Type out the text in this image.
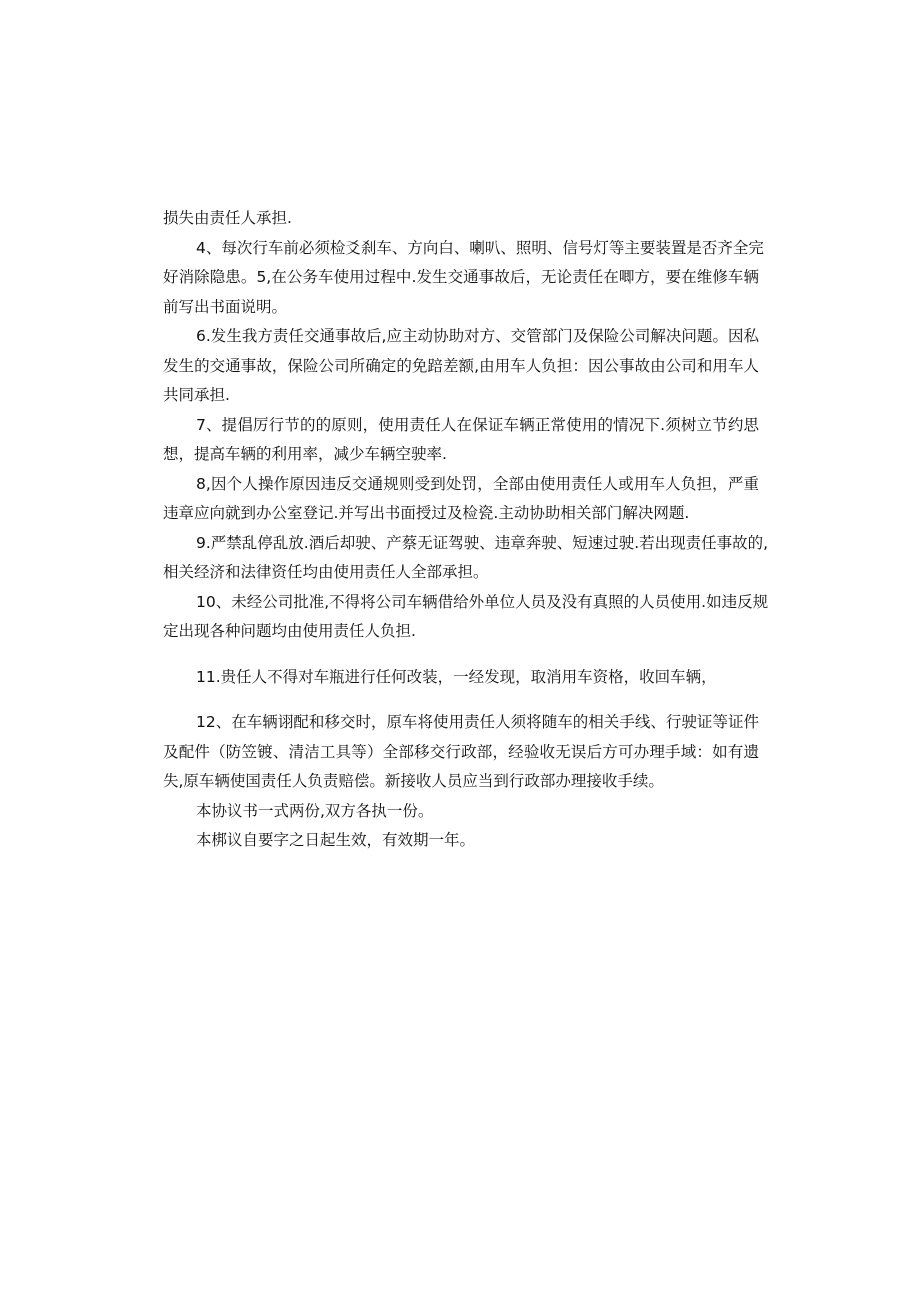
损失由责任人承担.
4、每次行车前必须检爻刹车、方向白、喇叭、照明、信号灯等主要装置是否齐全完
好消除隐患。5,在公务车使用过程中.发生交通事故后，无论责任在唧方，要在维修车辆
前写出书面说明。
6.发生我方责任交通事故后,应主动协助对方、交管部门及保险公司解决问题。因私
发生的交通事故，保险公司所确定的免踣差额,由用车人负担：因公事故由公司和用车人
共同承担.
7、提倡厉行节的的原则，使用责任人在保证车辆正常使用的情况下.须树立节约思
想，提高车辆的利用率，减少车辆空驶率.
8,因个人操作原因违反交通规则受到处罚，全部由使用责任人或用车人负担，严重
违章应向就到办公室登记.并写出书面授过及检瓷.主动协助相关部门解决网题.
9.严禁乱停乱放.酒后却驶、产蔡无证驾驶、违章奔驶、短速过驶.若出现责任事故的,
相关经济和法律资任均由使用责任人全部承担。
10、未经公司批准,不得将公司车辆借给外单位人员及没有真照的人员使用.如违反规
定出现各种问题均由使用责任人负担.
11.贵任人不得对车瓶进行任何改装，一经发现，取消用车资格，收回车辆，
12、在车辆诩配和移交时，原车将使用责任人须将随车的相关手线、行驶证等证件
及配件（防笠镀、清洁工具等）全部移交行政部，经验收无误后方可办理手域：如有遗
失,原车辆使国责任人负责赔偿。新接收人员应当到行政部办理接收手续。
本协议书一式两份,双方各执一份。
本梆议自要字之日起生效，有效期一年。
